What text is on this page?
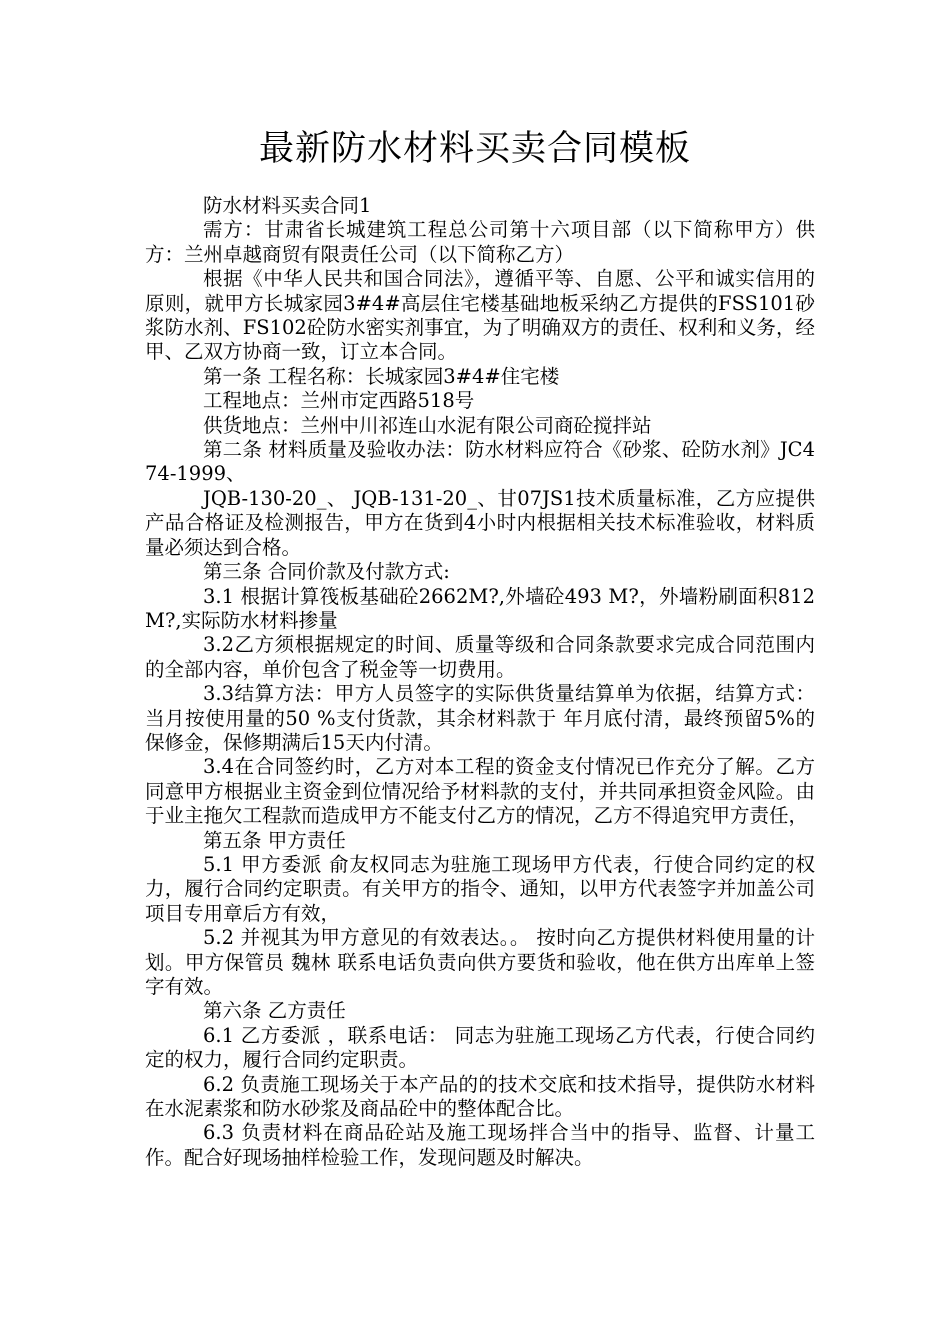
最新防水材料买卖合同模板

防水材料买卖合同1

需方：甘肃省长城建筑工程总公司第十六项目部（以下简称甲方）供方：兰州卓越商贸有限责任公司（以下简称乙方）

根据《中华人民共和国合同法》，遵循平等、自愿、公平和诚实信用的原则，就甲方长城家园3#4#高层住宅楼基础地板采纳乙方提供的FSS101砂浆防水剂、FS102砼防水密实剂事宜，为了明确双方的责任、权利和义务，经甲、乙双方协商一致，订立本合同。

第一条 工程名称：长城家园3#4#住宅楼

工程地点：兰州市定西路518号

供货地点：兰州中川祁连山水泥有限公司商砼搅拌站

第二条 材料质量及验收办法：防水材料应符合《砂浆、砼防水剂》JC474-1999、

JQB-130-20_、 JQB-131-20_、甘07JS1技术质量标准，乙方应提供产品合格证及检测报告，甲方在货到4小时内根据相关技术标准验收，材料质量必须达到合格。

第三条 合同价款及付款方式:

3.1 根据计算筏板基础砼2662M?,外墙砼493 M?，外墙粉刷面积812M?,实际防水材料掺量

3.2乙方须根据规定的时间、质量等级和合同条款要求完成合同范围内的全部内容，单价包含了税金等一切费用。

3.3结算方法：甲方人员签字的实际供货量结算单为依据，结算方式：当月按使用量的50 %支付货款，其余材料款于 年月底付清，最终预留5%的保修金，保修期满后15天内付清。

3.4在合同签约时，乙方对本工程的资金支付情况已作充分了解。乙方同意甲方根据业主资金到位情况给予材料款的支付，并共同承担资金风险。由于业主拖欠工程款而造成甲方不能支付乙方的情况，乙方不得追究甲方责任，

第五条 甲方责任

5.1 甲方委派 俞友权同志为驻施工现场甲方代表，行使合同约定的权力，履行合同约定职责。有关甲方的指令、通知，以甲方代表签字并加盖公司项目专用章后方有效，

5.2 并视其为甲方意见的有效表达。。 按时向乙方提供材料使用量的计划。甲方保管员 魏林 联系电话负责向供方要货和验收，他在供方出库单上签字有效。

第六条 乙方责任

6.1 乙方委派 ，联系电话： 同志为驻施工现场乙方代表，行使合同约定的权力，履行合同约定职责。

6.2 负责施工现场关于本产品的的技术交底和技术指导，提供防水材料在水泥素浆和防水砂浆及商品砼中的整体配合比。

6.3 负责材料在商品砼站及施工现场拌合当中的指导、监督、计量工作。配合好现场抽样检验工作，发现问题及时解决。
